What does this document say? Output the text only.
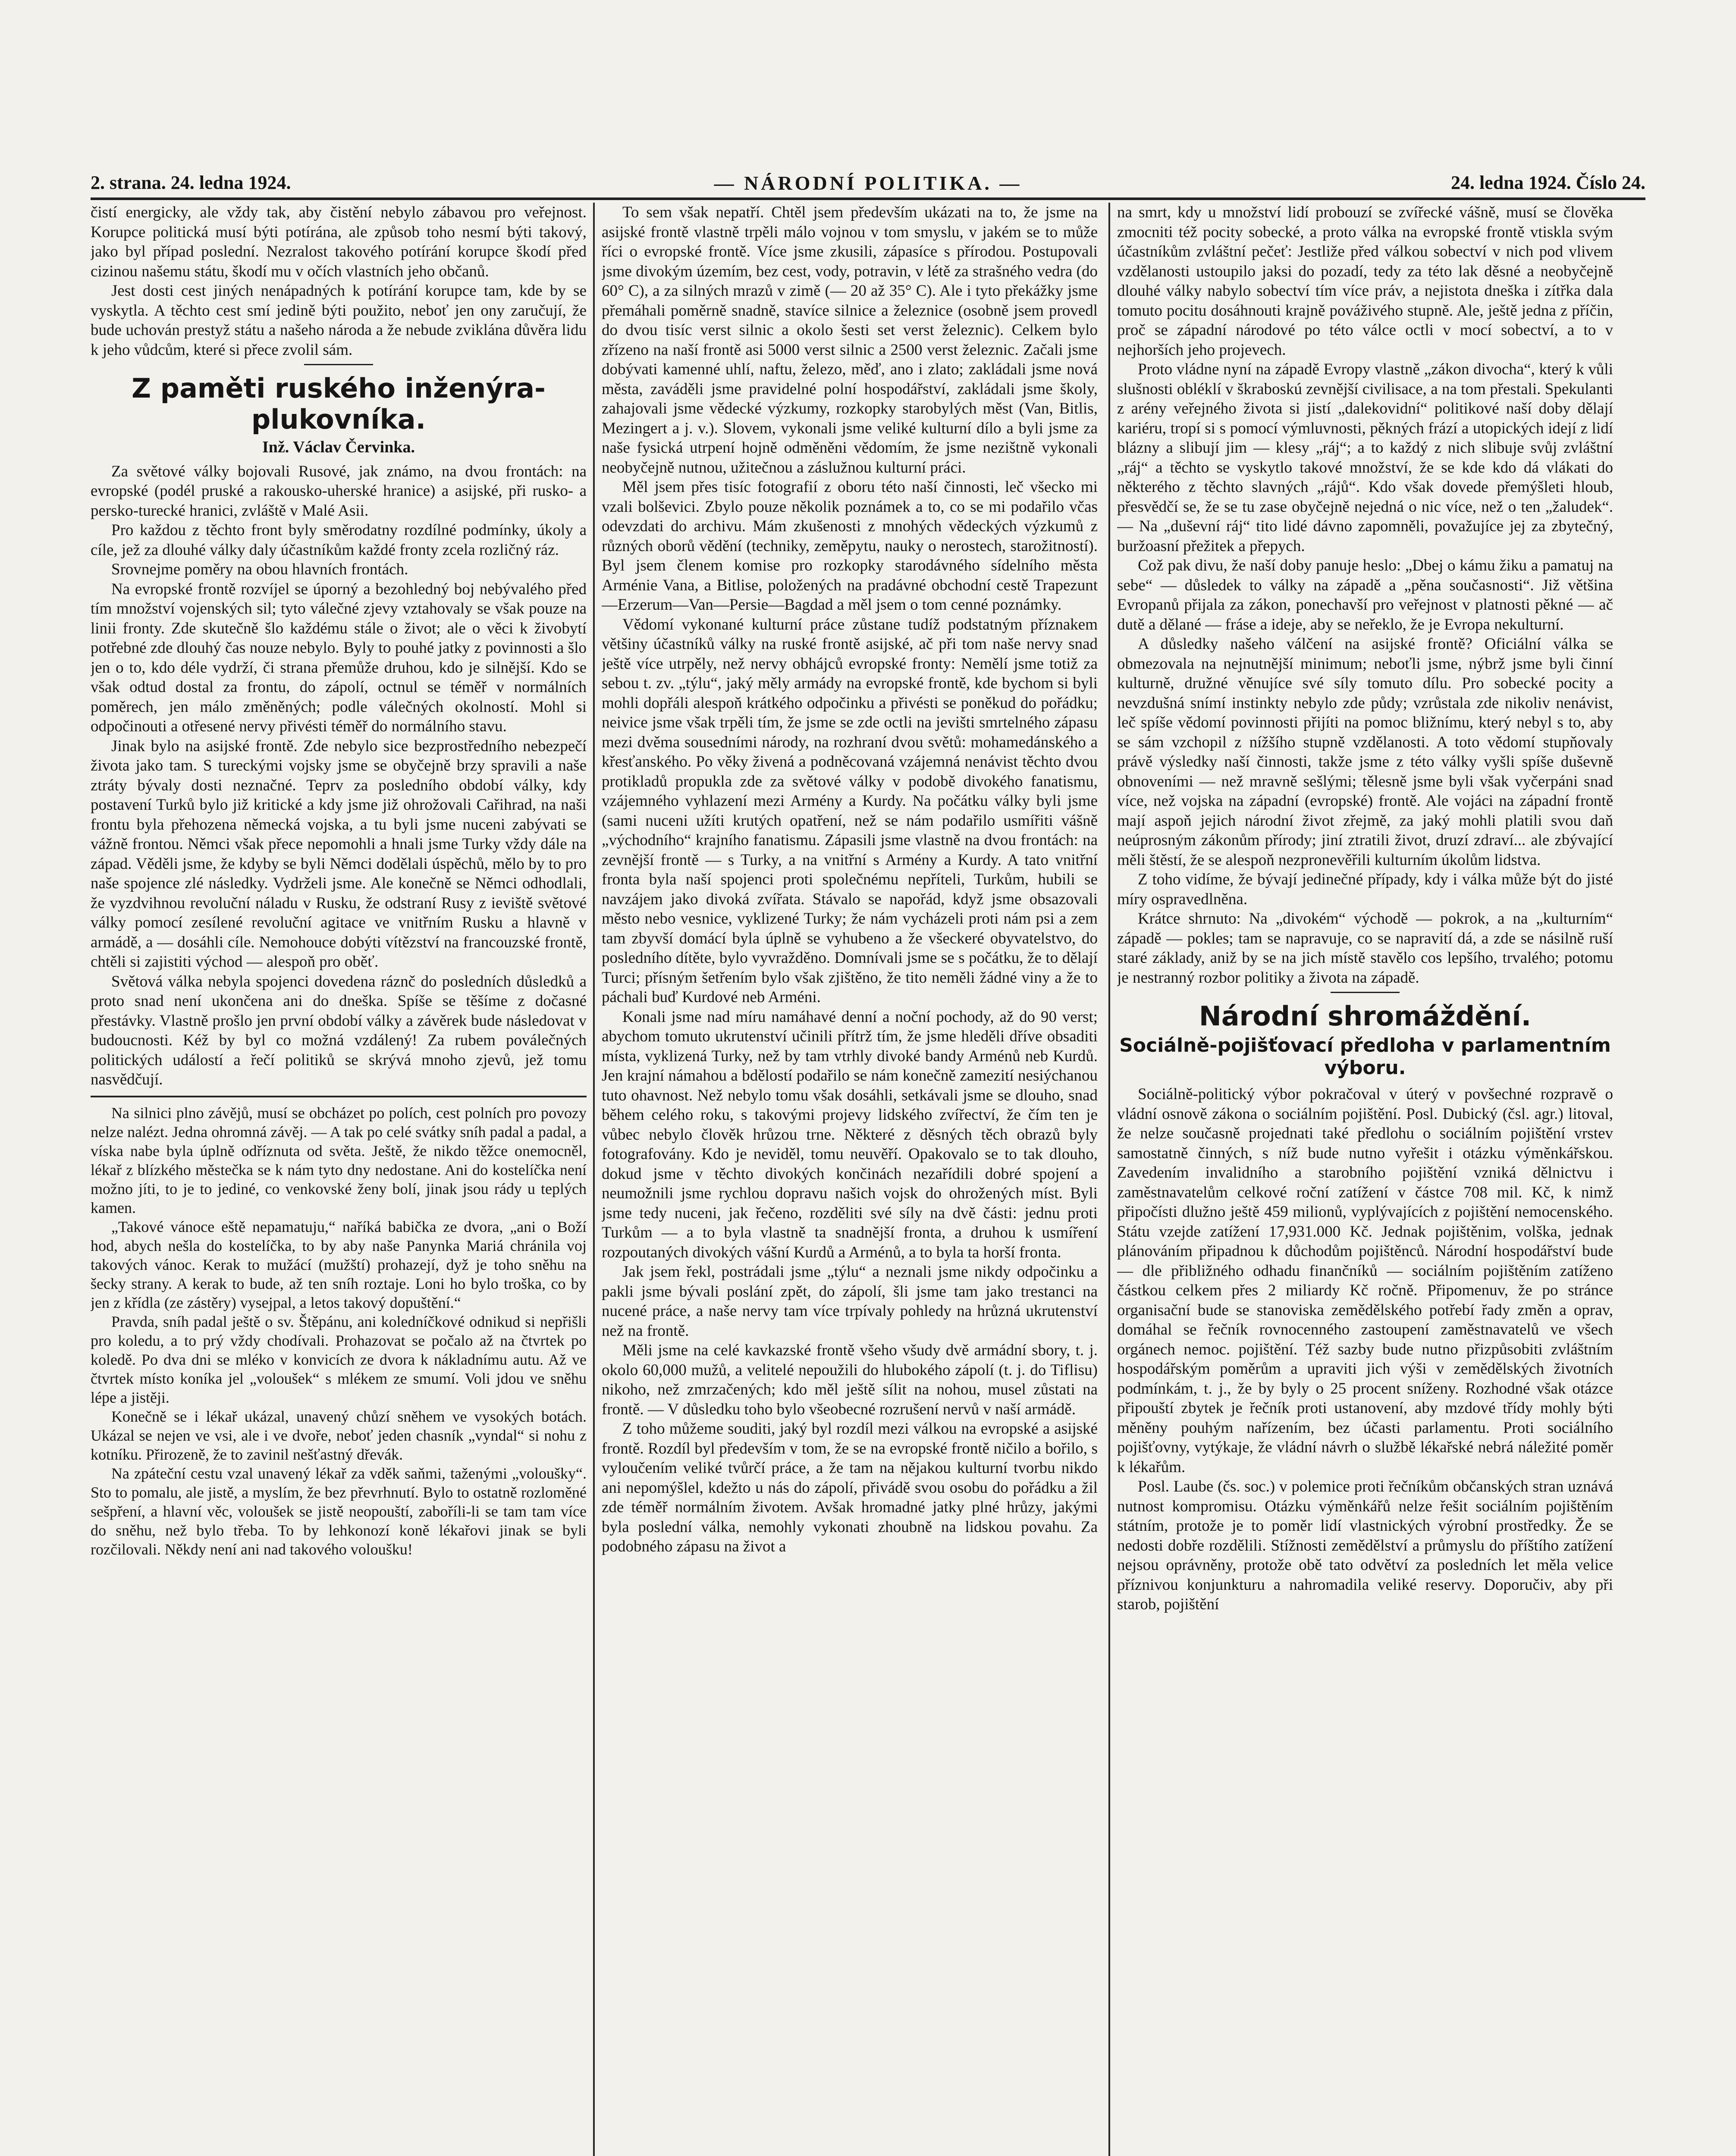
2. strana. 24. ledna 1924.	— NÁRODNÍ POLITIKA. —	24. ledna 1924. Číslo 24.

čistí energicky, ale vždy tak, aby čistění nebylo zábavou pro veřejnost. Korupce politická musí býti potírána, ale způsob toho nesmí býti takový, jako byl případ poslední. Nezralost takového potírání korupce škodí před cizinou našemu státu, škodí mu v očích vlastních jeho občanů.

Jest dosti cest jiných nenápadných k potírání korupce tam, kde by se vyskytla. A těchto cest smí jedině býti použito, neboť jen ony zaručují, že bude uchován prestyž státu a našeho národa a že nebude zviklána důvěra lidu k jeho vůdcům, které si přece zvolil sám.

Z paměti ruského inženýra-plukovníka.
Inž. Václav Červinka.

Za světové války bojovali Rusové, jak známo, na dvou frontách: na evropské (podél pruské a rakousko-uherské hranice) a asijské, při rusko- a persko-turecké hranici, zvláště v Malé Asii.

Pro každou z těchto front byly směrodatny rozdílné podmínky, úkoly a cíle, jež za dlouhé války daly účastníkům každé fronty zcela rozličný ráz.

Srovnejme poměry na obou hlavních frontách.

Na evropské frontě rozvíjel se úporný a bezohledný boj nebývalého před tím množství vojenských sil; tyto válečné zjevy vztahovaly se však pouze na linii fronty. Zde skutečně šlo každému stále o život; ale o věci k živobytí potřebné zde dlouhý čas nouze nebylo. Byly to pouhé jatky z povinnosti a šlo jen o to, kdo déle vydrží, či strana přemůže druhou, kdo je silnější. Kdo se však odtud dostal za frontu, do zápolí, octnul se téměř v normálních poměrech, jen málo změněných; podle válečných okolností. Mohl si odpočinouti a otřesené nervy přivésti téměř do normálního stavu.

Jinak bylo na asijské frontě. Zde nebylo sice bezprostředního nebezpečí života jako tam. S tureckými vojsky jsme se obyčejně brzy spravili a naše ztráty bývaly dosti neznačné. Teprv za posledního období války, kdy postavení Turků bylo již kritické a kdy jsme již ohrožovali Cařihrad, na naši frontu byla přehozena německá vojska, a tu byli jsme nuceni zabývati se vážně frontou. Němci však přece nepomohli a hnali jsme Turky vždy dále na západ. Věděli jsme, že kdyby se byli Němci dodělali úspěchů, mělo by to pro naše spojence zlé následky. Vydrželi jsme. Ale konečně se Němci odhodlali, že vyzdvihnou revoluční náladu v Rusku, že odstraní Rusy z ieviště světové války pomocí zesílené revoluční agitace ve vnitřním Rusku a hlavně v armádě, a — dosáhli cíle. Nemohouce dobýti vítězství na francouzské frontě, chtěli si zajistiti východ — alespoň pro oběť.

Světová válka nebyla spojenci dovedena ráznč do posledních důsledků a proto snad není ukončena ani do dneška. Spíše se těšíme z dočasné přestávky. Vlastně prošlo jen první období války a závěrek bude následovat v budoucnosti. Kéž by byl co možná vzdálený! Za rubem poválečných politických událostí a řečí politiků se skrývá mnoho zjevů, jež tomu nasvědčují.

Na silnici plno závějů, musí se obcházet po polích, cest polních pro povozy nelze nalézt. Jedna ohromná závěj. — A tak po celé svátky sníh padal a padal, a víska nabe byla úplně odříznuta od světa. Ještě, že nikdo těžce onemocněl, lékař z blízkého městečka se k nám tyto dny nedostane. Ani do kostelíčka není možno jíti, to je to jediné, co venkovské ženy bolí, jinak jsou rády u teplých kamen.

„Takové vánoce eště nepamatuju,“ naříká babička ze dvora, „ani o Boží hod, abych nešla do kostelíčka, to by aby naše Panynka Mariá chránila voj takových vánoc. Kerak to mužácí (mužští) prohazejí, dyž je toho sněhu na šecky strany. A kerak to bude, až ten sníh roztaje. Loni ho bylo troška, co by jen z křídla (ze zástěry) vysejpal, a letos takový dopuštění.“

Pravda, sníh padal ještě o sv. Štěpánu, ani koledníčkové odnikud si nepřišli pro koledu, a to prý vždy chodívali. Prohazovat se počalo až na čtvrtek po koledě. Po dva dni se mléko v konvicích ze dvora k nákladnímu autu. Až ve čtvrtek místo koníka jel „voloušek“ s mlékem ze smumí. Voli jdou ve sněhu lépe a jistěji.

Konečně se i lékař ukázal, unavený chůzí sněhem ve vysokých botách. Ukázal se nejen ve vsi, ale i ve dvoře, neboť jeden chasník „vyndal“ si nohu z kotníku. Přirozeně, že to zavinil nešťastný dřevák.

Na zpáteční cestu vzal unavený lékař za vděk saňmi, taženými „voloušky“. Sto to pomalu, ale jistě, a myslím, že bez převrhnutí. Bylo to ostatně rozloměné sešpření, a hlavní věc, voloušek se jistě neopouští, zaboříli-li se tam tam více do sněhu, než bylo třeba. To by lehkonozí koně lékařovi jinak se byli rozčilovali. Někdy není ani nad takového voloušku!

To sem však nepatří. Chtěl jsem především ukázati na to, že jsme na asijské frontě vlastně trpěli málo vojnou v tom smyslu, v jakém se to může říci o evropské frontě. Více jsme zkusili, zápasíce s přírodou. Postupovali jsme divokým územím, bez cest, vody, potravin, v létě za strašného vedra (do 60° C), a za silných mrazů v zimě (— 20 až 35° C). Ale i tyto překážky jsme přemáhali poměrně snadně, stavíce silnice a železnice (osobně jsem provedl do dvou tisíc verst silnic a okolo šesti set verst železnic). Celkem bylo zřízeno na naší frontě asi 5000 verst silnic a 2500 verst železnic. Začali jsme dobývati kamenné uhlí, naftu, železo, měď, ano i zlato; zakládali jsme nová města, zaváděli jsme pravidelné polní hospodářství, zakládali jsme školy, zahajovali jsme vědecké výzkumy, rozkopky starobylých měst (Van, Bitlis, Mezingert a j. v.). Slovem, vykonali jsme veliké kulturní dílo a byli jsme za naše fysická utrpení hojně odměněni vědomím, že jsme nezištně vykonali neobyčejně nutnou, užitečnou a záslužnou kulturní práci.

Měl jsem přes tisíc fotografií z oboru této naší činnosti, leč všecko mi vzali bolševici. Zbylo pouze několik poznámek a to, co se mi podařilo včas odevzdati do archivu. Mám zkušenosti z mnohých vědeckých výzkumů z různých oborů vědění (techniky, zeměpytu, nauky o nerostech, starožitností). Byl jsem členem komise pro rozkopky starodávného sídelního města Arménie Vana, a Bitlise, položených na pradávné obchodní cestě Trapezunt—Erzerum—Van—Persie—Bagdad a měl jsem o tom cenné poznámky.

Vědomí vykonané kulturní práce zůstane tudíž podstatným příznakem většiny účastníků války na ruské frontě asijské, ač při tom naše nervy snad ještě více utrpěly, než nervy obhájců evropské fronty: Nemělí jsme totiž za sebou t. zv. „týlu“, jaký měly armády na evropské frontě, kde bychom si byli mohli dopřáli alespoň krátkého odpočinku a přivésti se poněkud do pořádku; neivice jsme však trpěli tím, že jsme se zde octli na jevišti smrtelného zápasu mezi dvěma sousedními národy, na rozhraní dvou světů: mohamedánského a křesťanského. Po věky živená a podněcovaná vzájemná nenávist těchto dvou protikladů propukla zde za světové války v podobě divokého fanatismu, vzájemného vyhlazení mezi Armény a Kurdy. Na počátku války byli jsme (sami nuceni užíti krutých opatření, než se nám podařilo usmířiti vášně „východního“ krajního fanatismu. Zápasili jsme vlastně na dvou frontách: na zevnější frontě — s Turky, a na vnitřní s Armény a Kurdy. A tato vnitřní fronta byla naší spojenci proti společnému nepříteli, Turkům, hubili se navzájem jako divoká zvířata. Stávalo se napořád, když jsme obsazovali město nebo vesnice, vyklizené Turky; že nám vycházeli proti nám psi a zem tam zbyvší domácí byla úplně se vyhubeno a že všeckeré obyvatelstvo, do posledního dítěte, bylo vyvražděno. Domnívali jsme se s počátku, že to dělají Turci; přísným šetřením bylo však zjištěno, že tito neměli žádné viny a že to páchali buď Kurdové neb Arméni.

Konali jsme nad míru namáhavé denní a noční pochody, až do 90 verst; abychom tomuto ukrutenství učinili přítrž tím, že jsme hleděli dříve obsaditi místa, vyklizená Turky, než by tam vtrhly divoké bandy Arménů neb Kurdů. Jen krajní námahou a bdělostí podařilo se nám konečně zamezití nesiýchanou tuto ohavnost. Než nebylo tomu však dosáhli, setkávali jsme se dlouho, snad během celého roku, s takovými projevy lidského zvířectví, že čím ten je vůbec nebylo člověk hrůzou trne. Některé z děsných těch obrazů byly fotografovány. Kdo je neviděl, tomu neuvěří. Opakovalo se to tak dlouho, dokud jsme v těchto divokých končinách nezařídili dobré spojení a neumožnili jsme rychlou dopravu našich vojsk do ohrožených míst. Byli jsme tedy nuceni, jak řečeno, rozděliti své síly na dvě části: jednu proti Turkům — a to byla vlastně ta snadnější fronta, a druhou k usmíření rozpoutaných divokých vášní Kurdů a Arménů, a to byla ta horší fronta.

Jak jsem řekl, postrádali jsme „týlu“ a neznali jsme nikdy odpočinku a pakli jsme bývali poslání zpět, do zápolí, šli jsme tam jako trestanci na nucené práce, a naše nervy tam více trpívaly pohledy na hrůzná ukrutenství než na frontě.

Měli jsme na celé kavkazské frontě všeho všudy dvě armádní sbory, t. j. okolo 60,000 mužů, a velitelé nepoužili do hlubokého zápolí (t. j. do Tiflisu) nikoho, než zmrzačených; kdo měl ještě sílit na nohou, musel zůstati na frontě. — V důsledku toho bylo všeobecné rozrušení nervů v naší armádě.

Z toho můžeme souditi, jaký byl rozdíl mezi válkou na evropské a asijské frontě. Rozdíl byl především v tom, že se na evropské frontě ničilo a bořilo, s vyloučením veliké tvůrčí práce, a že tam na nějakou kulturní tvorbu nikdo ani nepomýšlel, kdežto u nás do zápolí, přivádě svou osobu do pořádku a žil zde téměř normálním životem. Avšak hromadné jatky plné hrůzy, jakými byla poslední válka, nemohly vykonati zhoubně na lidskou povahu. Za podobného zápasu na život a

na smrt, kdy u množství lidí probouzí se zvířecké vášně, musí se člověka zmocniti též pocity sobecké, a proto válka na evropské frontě vtiskla svým účastníkům zvláštní pečeť: Jestliže před válkou sobectví v nich pod vlivem vzdělanosti ustoupilo jaksi do pozadí, tedy za této lak děsné a neobyčejně dlouhé války nabylo sobectví tím více práv, a nejistota dneška i zítřka dala tomuto pocitu dosáhnouti krajně pováživého stupně. Ale, ještě jedna z příčin, proč se západní národové po této válce octli v mocí sobectví, a to v nejhorších jeho projevech.

Proto vládne nyní na západě Evropy vlastně „zákon divocha“, který k vůli slušnosti obléklí v škraboskú zevnější civilisace, a na tom přestali. Spekulanti z arény veřejného života si jistí „dalekovidní“ politikové naší doby dělají kariéru, tropí si s pomocí výmluvnosti, pěkných frází a utopických idejí z lidí blázny a slibují jim — klesy „ráj“; a to každý z nich slibuje svůj zvláštní „ráj“ a těchto se vyskytlo takové množství, že se kde kdo dá vlákati do některého z těchto slavných „rájů“. Kdo však dovede přemýšleti hloub, přesvědčí se, že se tu zase obyčejně nejedná o nic více, než o ten „žaludek“. — Na „duševní ráj“ tito lidé dávno zapomněli, považujíce jej za zbytečný, buržoasní přežitek a přepych.

Což pak divu, že naší doby panuje heslo: „Dbej o kámu žiku a pamatuj na sebe“ — důsledek to války na západě a „pěna současnosti“. Již většina Evropanů přijala za zákon, ponechavší pro veřejnost v platnosti pěkné — ač dutě a dělané — fráse a ideje, aby se neřeklo, že je Evropa nekulturní.

A důsledky našeho válčení na asijské frontě? Oficiální válka se obmezovala na nejnutnější minimum; neboťli jsme, nýbrž jsme byli činní kulturně, družné věnujíce své síly tomuto dílu. Pro sobecké pocity a nevzdušná snímí instinkty nebylo zde půdy; vzrůstala zde nikoliv nenávist, leč spíše vědomí povinnosti přijíti na pomoc bližnímu, který nebyl s to, aby se sám vzchopil z nížšího stupně vzdělanosti. A toto vědomí stupňovaly právě výsledky naší činnosti, takže jsme z této války vyšli spíše duševně obnoveními — než mravně sešlými; tělesně jsme byli však vyčerpáni snad více, než vojska na západní (evropské) frontě. Ale vojáci na západní frontě mají aspoň jejich národní život zřejmě, za jaký mohli platili svou daň neúprosným zákonům přírody; jiní ztratili život, druzí zdraví... ale zbývající měli štěstí, že se alespoň nezpronevěřili kulturním úkolům lidstva.

Z toho vidíme, že bývají jedinečné případy, kdy i válka může být do jisté míry ospravedlněna.

Krátce shrnuto: Na „divokém“ východě — pokrok, a na „kulturním“ západě — pokles; tam se napravuje, co se napravití dá, a zde se násilně ruší staré základy, aniž by se na jich místě stavělo cos lepšího, trvalého; potomu je nestranný rozbor politiky a života na západě.

Národní shromáždění.
Sociálně-pojišťovací předloha v parlamentním výboru.

Sociálně-politický výbor pokračoval v úterý v povšechné rozpravě o vládní osnově zákona o sociálním pojištění. Posl. Dubický (čsl. agr.) litoval, že nelze současně projednati také předlohu o sociálním pojištění vrstev samostatně činných, s níž bude nutno vyřešit i otázku výměnkářskou. Zavedením invalidního a starobního pojištění vzniká dělnictvu i zaměstnavatelům celkové roční zatížení v částce 708 mil. Kč, k nimž připočísti dlužno ještě 459 milionů, vyplývajících z pojištění nemocenského. Státu vzejde zatížení 17,931.000 Kč. Jednak pojištěnim, volška, jednak plánováním připadnou k důchodům pojištěnců. Národní hospodářství bude — dle přibližného odhadu finančníků — sociálním pojištěním zatíženo částkou celkem přes 2 miliardy Kč ročně. Připomenuv, že po stránce organisační bude se stanoviska zemědělského potřebí řady změn a oprav, domáhal se řečník rovnocenného zastoupení zaměstnavatelů ve všech orgánech nemoc. pojištění. Též sazby bude nutno přizpůsobiti zvláštním hospodářským poměrům a upraviti jich výši v zemědělských životních podmínkám, t. j., že by byly o 25 procent sníženy. Rozhodné však otázce připouští zbytek je řečník proti ustanovení, aby mzdové třídy mohly býti měněny pouhým nařízením, bez účasti parlamentu. Proti sociálního pojišťovny, vytýkaje, že vládní návrh o službě lékařské nebrá náležité poměr k lékařům.

Posl. Laube (čs. soc.) v polemice proti řečníkům občanských stran uznává nutnost kompromisu. Otázku výměnkářů nelze řešit sociálním pojištěním státním, protože je to poměr lidí vlastnických výrobní prostředky. Že se nedosti dobře rozdělili. Stížnosti zemědělství a průmyslu do příštího zatížení nejsou oprávněny, protože obě tato odvětví za posledních let měla velice příznivou konjunkturu a nahromadila veliké reservy. Doporučiv, aby při starob, pojištění
